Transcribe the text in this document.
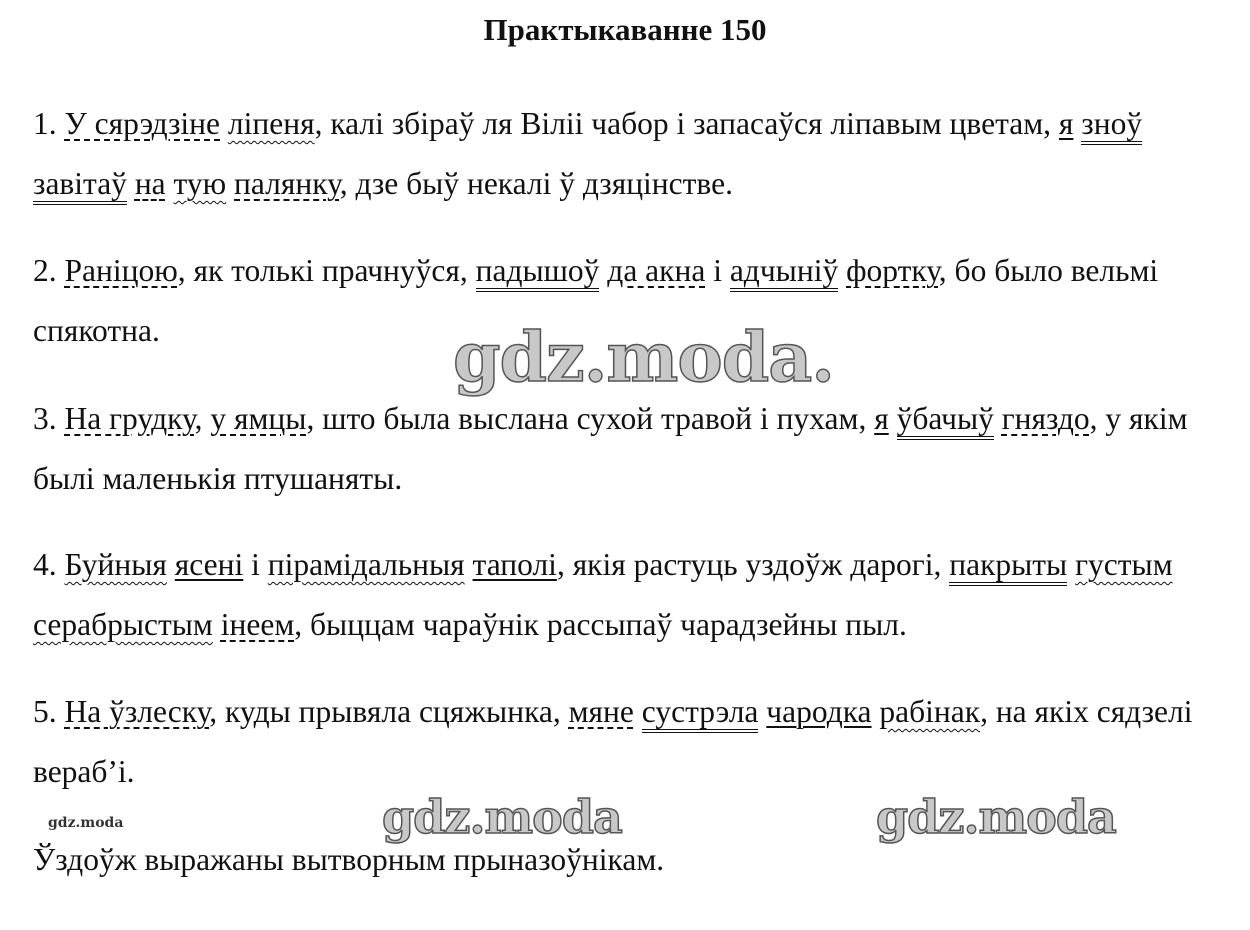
Практыкаванне 150

1. У сярэдзіне ліпеня, калі збіраў ля Віліі чабор і запасаўся ліпавым цветам, я зноў завітаў на тую палянку, дзе быў некалі ў дзяцінстве.

2. Раніцою, як толькі прачнуўся, падышоў да акна і адчыніў фортку, бо было вельмі спякотна.

3. На грудку, у ямцы, што была выслана сухой травой і пухам, я ўбачыў гняздо, у якім былі маленькія птушаняты.

4. Буйныя ясені і пірамідальныя таполі, якія растуць уздоўж дарогі, пакрыты густым серабрыстым інеем, быццам чараўнік рассыпаў чарадзейны пыл.

5. На ўзлеску, куды прывяла сцяжынка, мяне сустрэла чародка рабінак, на якіх сядзелі вераб’і.

Ўздоўж выражаны вытворным прыназоўнікам.

gdz.moda.
gdz.moda	gdz.moda
gdz.moda
